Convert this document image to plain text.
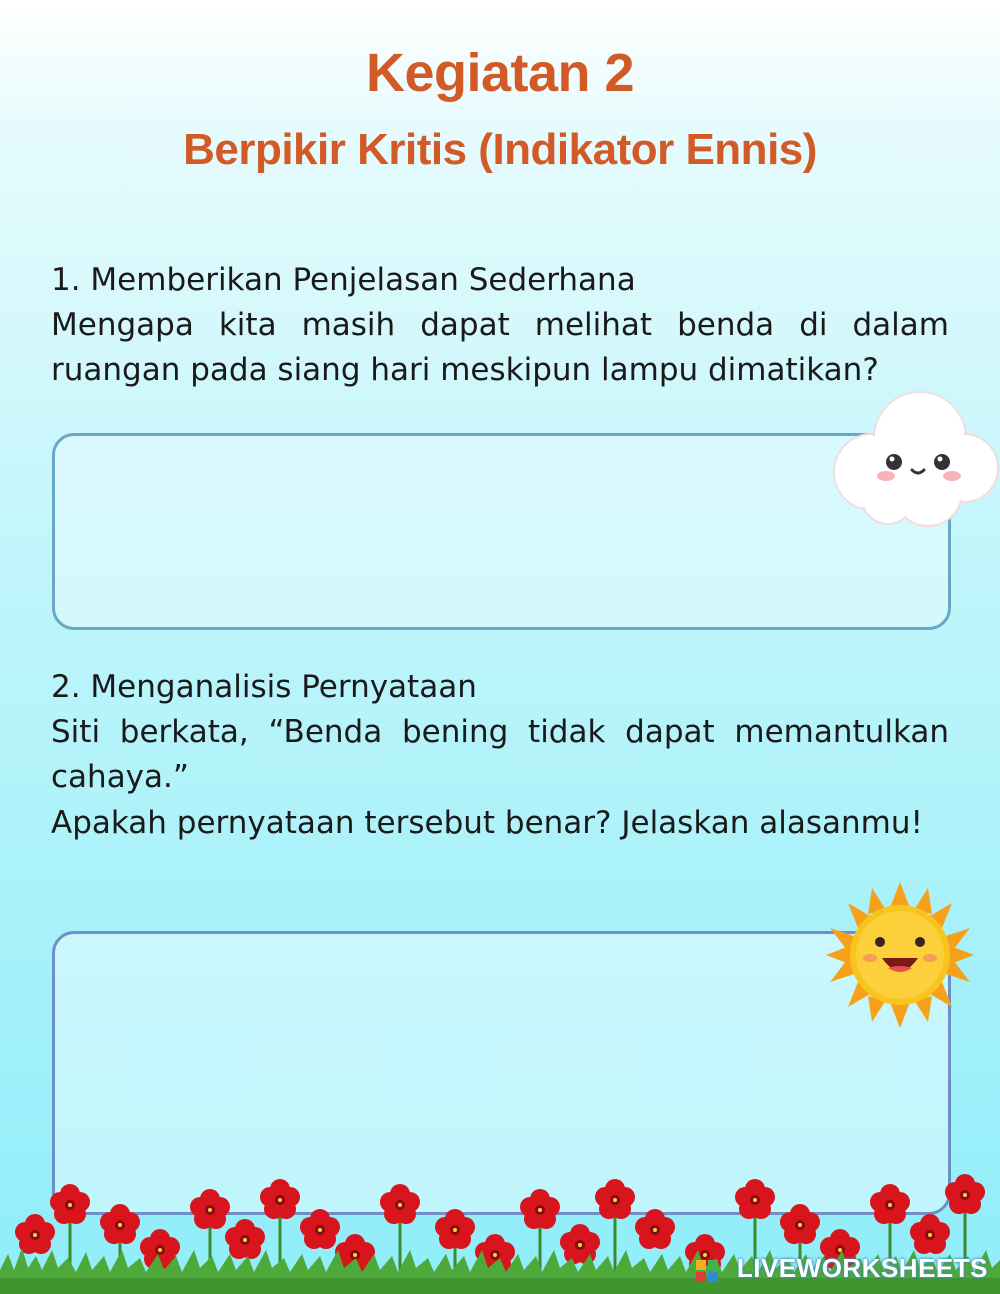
Kegiatan 2
Berpikir Kritis (Indikator Ennis)
1. Memberikan Penjelasan Sederhana
Mengapa kita masih dapat melihat benda di dalam ruangan pada siang hari meskipun lampu dimatikan?
2. Menganalisis Pernyataan
Siti berkata, “Benda bening tidak dapat memantulkan cahaya.”
Apakah pernyataan tersebut benar? Jelaskan alasanmu!
LIVEWORKSHEETS
